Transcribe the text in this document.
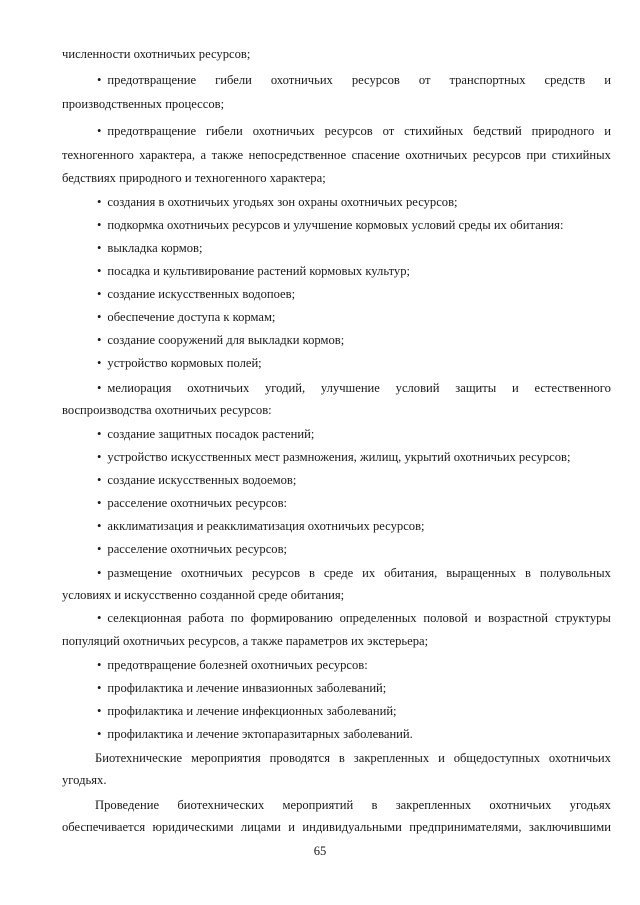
численности охотничьих ресурсов;
• предотвращение гибели охотничьих ресурсов от транспортных средств и
производственных процессов;
• предотвращение гибели охотничьих ресурсов от стихийных бедствий природного и
техногенного характера, а также непосредственное спасение охотничьих ресурсов при стихийных
бедствиях природного и техногенного характера;
• создания в охотничьих угодьях зон охраны охотничьих ресурсов;
• подкормка охотничьих ресурсов и улучшение кормовых условий среды их обитания:
• выкладка кормов;
• посадка и культивирование растений кормовых культур;
• создание искусственных водопоев;
• обеспечение доступа к кормам;
• создание сооружений для выкладки кормов;
• устройство кормовых полей;
• мелиорация охотничьих угодий, улучшение условий защиты и естественного
воспроизводства охотничьих ресурсов:
• создание защитных посадок растений;
• устройство искусственных мест размножения, жилищ, укрытий охотничьих ресурсов;
• создание искусственных водоемов;
• расселение охотничьих ресурсов:
• акклиматизация и реакклиматизация охотничьих ресурсов;
• расселение охотничьих ресурсов;
• размещение охотничьих ресурсов в среде их обитания, выращенных в полувольных
условиях и искусственно созданной среде обитания;
• селекционная работа по формированию определенных половой и возрастной структуры
популяций охотничьих ресурсов, а также параметров их экстерьера;
• предотвращение болезней охотничьих ресурсов:
• профилактика и лечение инвазионных заболеваний;
• профилактика и лечение инфекционных заболеваний;
• профилактика и лечение эктопаразитарных заболеваний.
Биотехнические мероприятия проводятся в закрепленных и общедоступных охотничьих
угодьях.
Проведение биотехнических мероприятий в закрепленных охотничьих угодьях
обеспечивается юридическими лицами и индивидуальными предпринимателями, заключившими
65
